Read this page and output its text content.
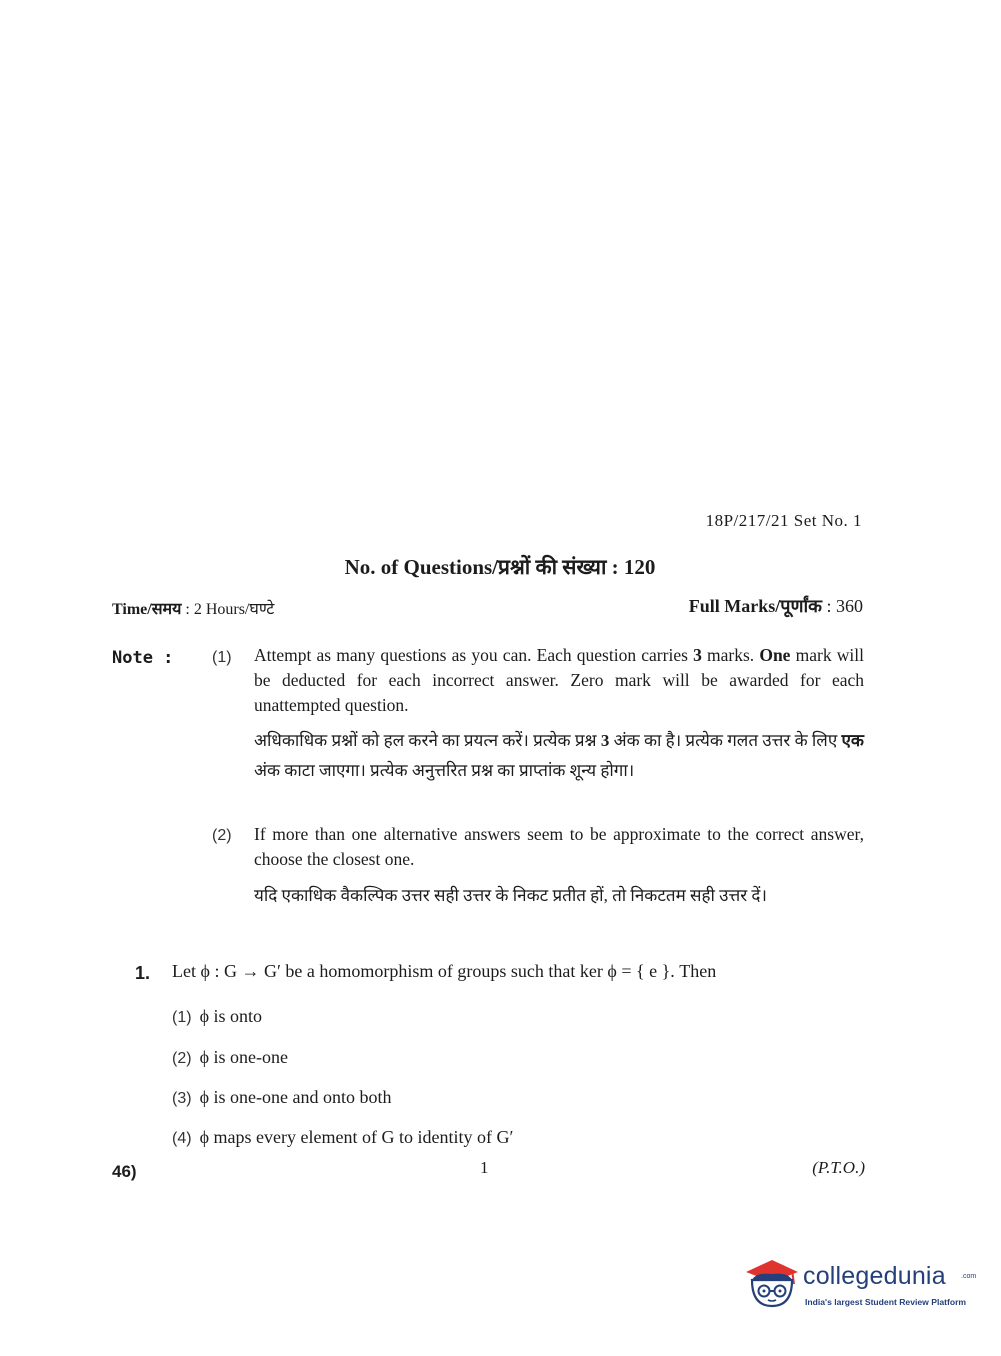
18P/217/21 Set No. 1
No. of Questions/प्रश्नों की संख्या : 120
Time/समय : 2 Hours/घण्टे	Full Marks/पूर्णांक : 360
Note : (1) Attempt as many questions as you can. Each question carries 3 marks. One mark will be deducted for each incorrect answer. Zero mark will be awarded for each unattempted question.
अधिकाधिक प्रश्नों को हल करने का प्रयत्न करें। प्रत्येक प्रश्न 3 अंक का है। प्रत्येक गलत उत्तर के लिए एक अंक काटा जाएगा। प्रत्येक अनुत्तरित प्रश्न का प्राप्तांक शून्य होगा।
(2) If more than one alternative answers seem to be approximate to the correct answer, choose the closest one.
यदि एकाधिक वैकल्पिक उत्तर सही उत्तर के निकट प्रतीत हों, तो निकटतम सही उत्तर दें।
1. Let ϕ : G → G′ be a homomorphism of groups such that ker ϕ = { e }. Then
(1) ϕ is onto
(2) ϕ is one-one
(3) ϕ is one-one and onto both
(4) ϕ maps every element of G to identity of G′
46)	1	(P.T.O.)
collegedunia .com
India's largest Student Review Platform
